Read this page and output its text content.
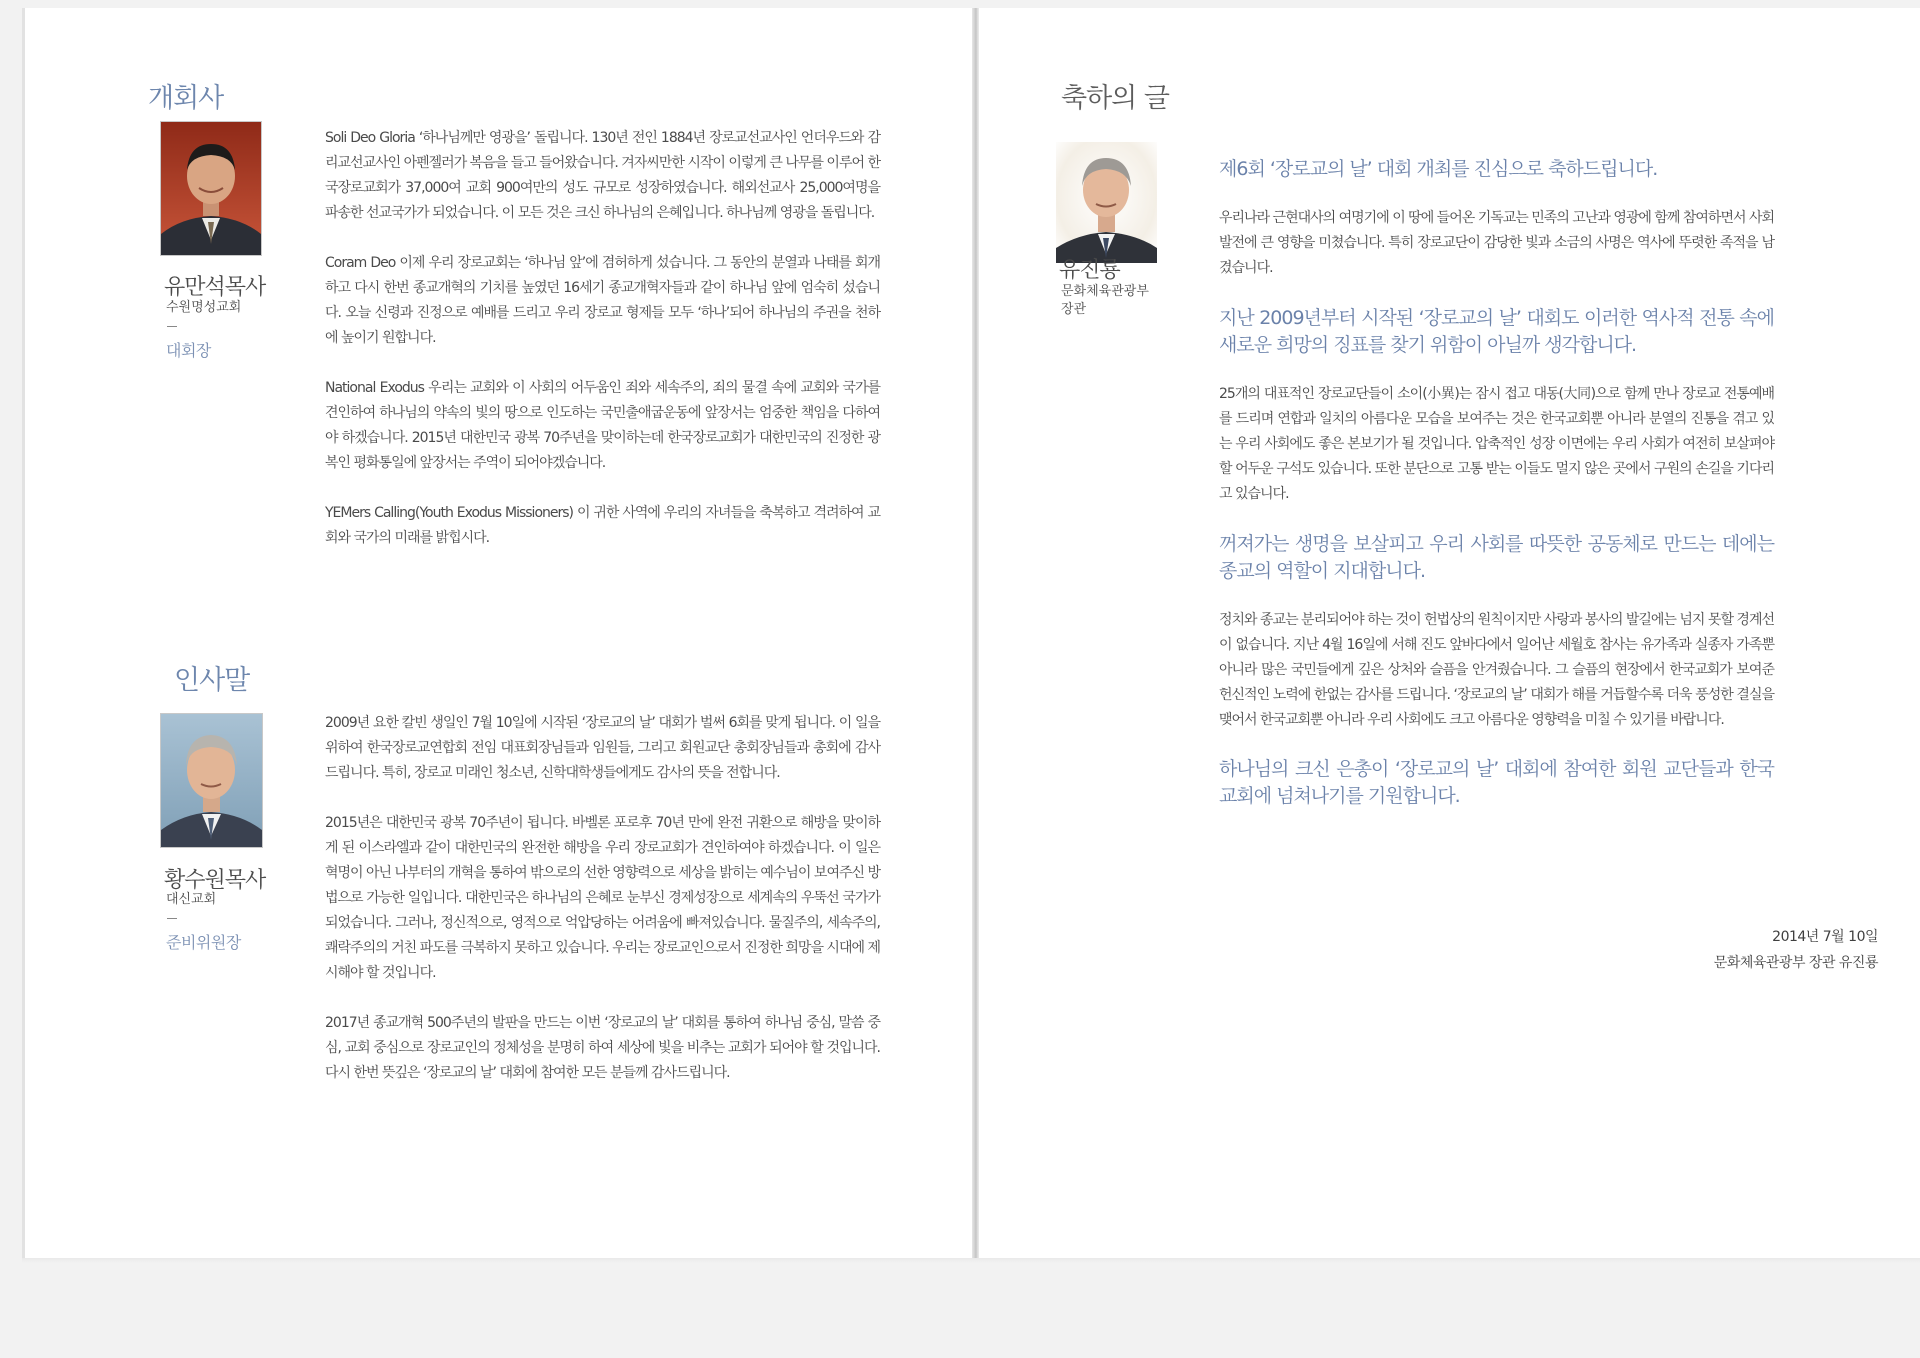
개회사
유만석목사
수원명성교회
대회장

Soli Deo Gloria ‘하나님께만 영광을’ 돌립니다. 130년 전인 1884년 장로교선교사인 언더우드와 감리교선교사인 아펜젤러가 복음을 들고 들어왔습니다. 겨자씨만한 시작이 이렇게 큰 나무를 이루어 한국장로교회가 37,000여 교회 900여만의 성도 규모로 성장하였습니다. 해외선교사 25,000여명을 파송한 선교국가가 되었습니다. 이 모든 것은 크신 하나님의 은혜입니다. 하나님께 영광을 돌립니다.

Coram Deo 이제 우리 장로교회는 ‘하나님 앞’에 겸허하게 섰습니다. 그 동안의 분열과 나태를 회개하고 다시 한번 종교개혁의 기치를 높였던 16세기 종교개혁자들과 같이 하나님 앞에 엄숙히 섰습니다. 오늘 신령과 진정으로 예배를 드리고 우리 장로교 형제들 모두 ‘하나’되어 하나님의 주권을 천하에 높이기 원합니다.

National Exodus 우리는 교회와 이 사회의 어두움인 죄와 세속주의, 죄의 물결 속에 교회와 국가를 견인하여 하나님의 약속의 빛의 땅으로 인도하는 국민출애굽운동에 앞장서는 엄중한 책임을 다하여야 하겠습니다. 2015년 대한민국 광복 70주년을 맞이하는데 한국장로교회가 대한민국의 진정한 광복인 평화통일에 앞장서는 주역이 되어야겠습니다.

YEMers Calling(Youth Exodus Missioners) 이 귀한 사역에 우리의 자녀들을 축복하고 격려하여 교회와 국가의 미래를 밝힙시다.

인사말
황수원목사
대신교회
준비위원장

2009년 요한 칼빈 생일인 7월 10일에 시작된 ‘장로교의 날’ 대회가 벌써 6회를 맞게 됩니다. 이 일을 위하여 한국장로교연합회 전임 대표회장님들과 임원들, 그리고 회원교단 총회장님들과 총회에 감사드립니다. 특히, 장로교 미래인 청소년, 신학대학생들에게도 감사의 뜻을 전합니다.

2015년은 대한민국 광복 70주년이 됩니다. 바벨론 포로후 70년 만에 완전 귀환으로 해방을 맞이하게 된 이스라엘과 같이 대한민국의 완전한 해방을 우리 장로교회가 견인하여야 하겠습니다. 이 일은 혁명이 아닌 나부터의 개혁을 통하여 밖으로의 선한 영향력으로 세상을 밝히는 예수님이 보여주신 방법으로 가능한 일입니다. 대한민국은 하나님의 은혜로 눈부신 경제성장으로 세계속의 우뚝선 국가가 되었습니다. 그러나, 정신적으로, 영적으로 억압당하는 어려움에 빠져있습니다. 물질주의, 세속주의, 쾌락주의의 거친 파도를 극복하지 못하고 있습니다. 우리는 장로교인으로서 진정한 희망을 시대에 제시해야 할 것입니다.

2017년 종교개혁 500주년의 발판을 만드는 이번 ‘장로교의 날’ 대회를 통하여 하나님 중심, 말씀 중심, 교회 중심으로 장로교인의 정체성을 분명히 하여 세상에 빛을 비추는 교회가 되어야 할 것입니다. 다시 한번 뜻깊은 ‘장로교의 날’ 대회에 참여한 모든 분들께 감사드립니다.

축하의 글
유진룡
문화체육관광부
장관

제6회 ‘장로교의 날’ 대회 개최를 진심으로 축하드립니다.

우리나라 근현대사의 여명기에 이 땅에 들어온 기독교는 민족의 고난과 영광에 함께 참여하면서 사회 발전에 큰 영향을 미쳤습니다. 특히 장로교단이 감당한 빛과 소금의 사명은 역사에 뚜렷한 족적을 남겼습니다.

지난 2009년부터 시작된 ‘장로교의 날’ 대회도 이러한 역사적 전통 속에 새로운 희망의 징표를 찾기 위함이 아닐까 생각합니다.

25개의 대표적인 장로교단들이 소이(小異)는 잠시 접고 대동(大同)으로 함께 만나 장로교 전통예배를 드리며 연합과 일치의 아름다운 모습을 보여주는 것은 한국교회뿐 아니라 분열의 진통을 겪고 있는 우리 사회에도 좋은 본보기가 될 것입니다. 압축적인 성장 이면에는 우리 사회가 여전히 보살펴야 할 어두운 구석도 있습니다. 또한 분단으로 고통 받는 이들도 멀지 않은 곳에서 구원의 손길을 기다리고 있습니다.

꺼져가는 생명을 보살피고 우리 사회를 따뜻한 공동체로 만드는 데에는 종교의 역할이 지대합니다.

정치와 종교는 분리되어야 하는 것이 헌법상의 원칙이지만 사랑과 봉사의 발길에는 넘지 못할 경계선이 없습니다. 지난 4월 16일에 서해 진도 앞바다에서 일어난 세월호 참사는 유가족과 실종자 가족뿐 아니라 많은 국민들에게 깊은 상처와 슬픔을 안겨줬습니다. 그 슬픔의 현장에서 한국교회가 보여준 헌신적인 노력에 한없는 감사를 드립니다. ‘장로교의 날’ 대회가 해를 거듭할수록 더욱 풍성한 결실을 맺어서 한국교회뿐 아니라 우리 사회에도 크고 아름다운 영향력을 미칠 수 있기를 바랍니다.

하나님의 크신 은총이 ‘장로교의 날’ 대회에 참여한 회원 교단들과 한국교회에 넘쳐나기를 기원합니다.

2014년 7월 10일
문화체육관광부 장관 유진룡
